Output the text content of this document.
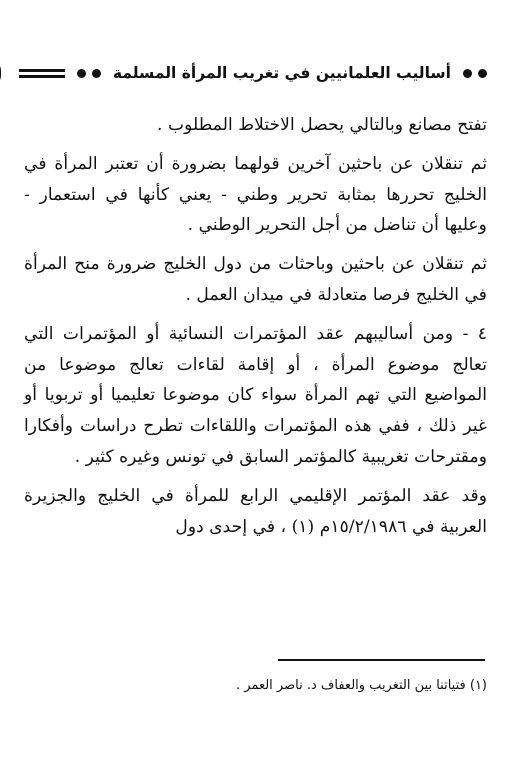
أساليب العلمانيين في تغريب المرأة المسلمة

تفتح مصانع وبالتالي يحصل الاختلاط المطلوب .

ثم تنقلان عن باحثين آخرين قولهما بضرورة أن تعتبر المرأة في الخليج تحررها بمثابة تحرير وطني - يعني كأنها في استعمار - وعليها أن تناضل من أجل التحرير الوطني .

ثم تنقلان عن باحثين وباحثات من دول الخليج ضرورة منح المرأة في الخليج فرصا متعادلة في ميدان العمل .

٤ - ومن أساليبهم عقد المؤتمرات النسائية أو المؤتمرات التي تعالج موضوع المرأة ، أو إقامة لقاءات تعالج موضوعا من المواضيع التي تهم المرأة سواء كان موضوعا تعليميا أو تربويا أو غير ذلك ، ففي هذه المؤتمرات واللقاءات تطرح دراسات وأفكارا ومقترحات تغريبية كالمؤتمر السابق في تونس وغيره كثير .

وقد عقد المؤتمر الإقليمي الرابع للمرأة في الخليج والجزيرة العربية في ١٥/٢/١٩٨٦م (١) ، في إحدى دول

(١) فتياتنا بين التغريب والعفاف د. ناصر العمر .
